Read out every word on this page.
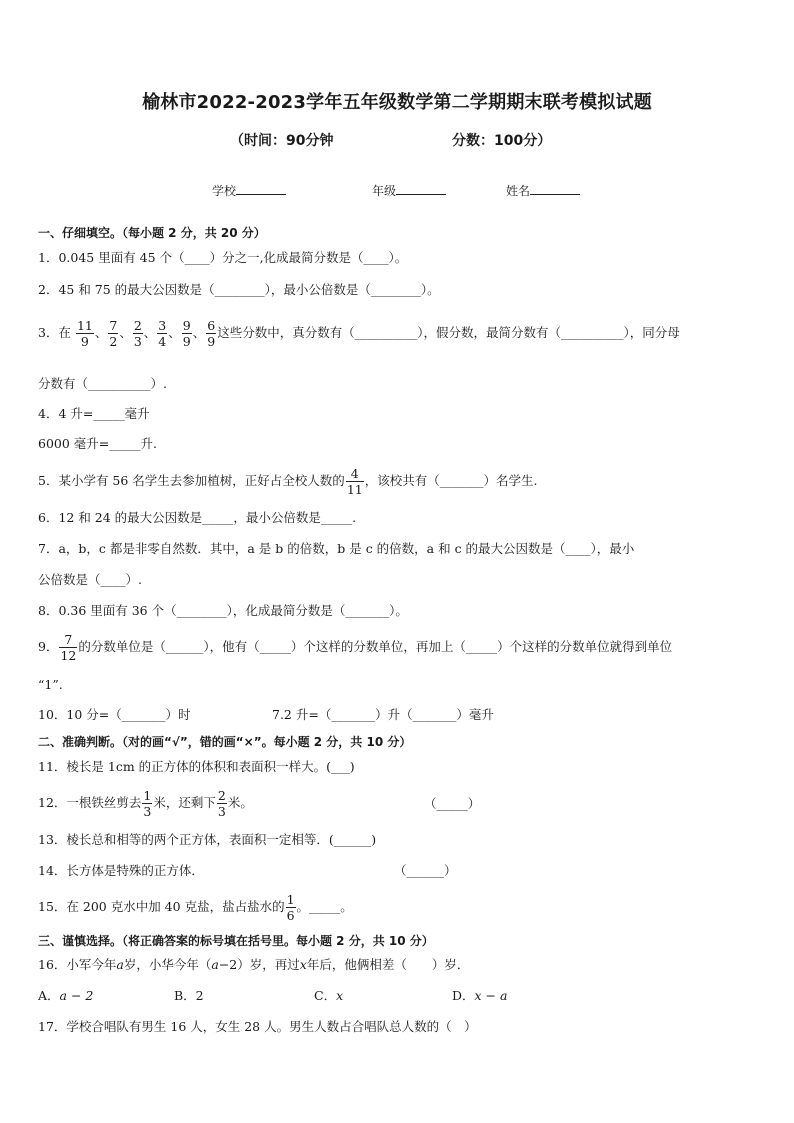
榆林市2022-2023学年五年级数学第二学期期末联考模拟试题
（时间：90分钟	分数：100分）
学校	年级	姓名
一、仔细填空。（每小题 2 分，共 20 分）
1．0.045 里面有 45 个（____）分之一,化成最简分数是（____）。
2．45 和 75 的最大公因数是（________），最小公倍数是（________）。
3．在 $\frac{11}{9}$ 、 $\frac{7}{2}$ 、 $\frac{2}{3}$ 、 $\frac{3}{4}$ 、 $\frac{9}{9}$ 、 $\frac{6}{9}$ 这些分数中，真分数有（__________），假分数，最简分数有（__________），同分母
分数有（__________）.
4．4 升=_____毫升
6000 毫升=_____升.
5．某小学有 56 名学生去参加植树，正好占全校人数的 $\frac{4}{11}$ ，该校共有（_______）名学生.
6．12 和 24 的最大公因数是_____，最小公倍数是_____.
7．a，b，c 都是非零自然数．其中，a 是 b 的倍数，b 是 c 的倍数，a 和 c 的最大公因数是（____），最小
公倍数是（____）.
8．0.36 里面有 36 个（________），化成最简分数是（_______）。
9． $\frac{7}{12}$ 的分数单位是（______），他有（_____）个这样的分数单位，再加上（_____）个这样的分数单位就得到单位
“1”.
10．10 分=（_______）时	7.2 升=（_______）升（_______）毫升
二、准确判断。（对的画“√”，错的画“×”。每小题 2 分，共 10 分）
11．棱长是 1cm 的正方体的体积和表面积一样大。(___)
12．一根铁丝剪去 $\frac{1}{3}$ 米，还剩下 $\frac{2}{3}$ 米。	（_____）
13．棱长总和相等的两个正方体，表面积一定相等．(______)
14．长方体是特殊的正方体．	（______）
15．在 200 克水中加 40 克盐，盐占盐水的 $\frac{1}{6}$ 。_____。
三、谨慎选择。（将正确答案的标号填在括号里。每小题 2 分，共 10 分）
16．小军今年a岁，小华今年（a−2）岁，再过x年后，他俩相差（　　）岁．
A．a − 2	B．2	C．x	D．x − a
17．学校合唱队有男生 16 人，女生 28 人。男生人数占合唱队总人数的（　）
